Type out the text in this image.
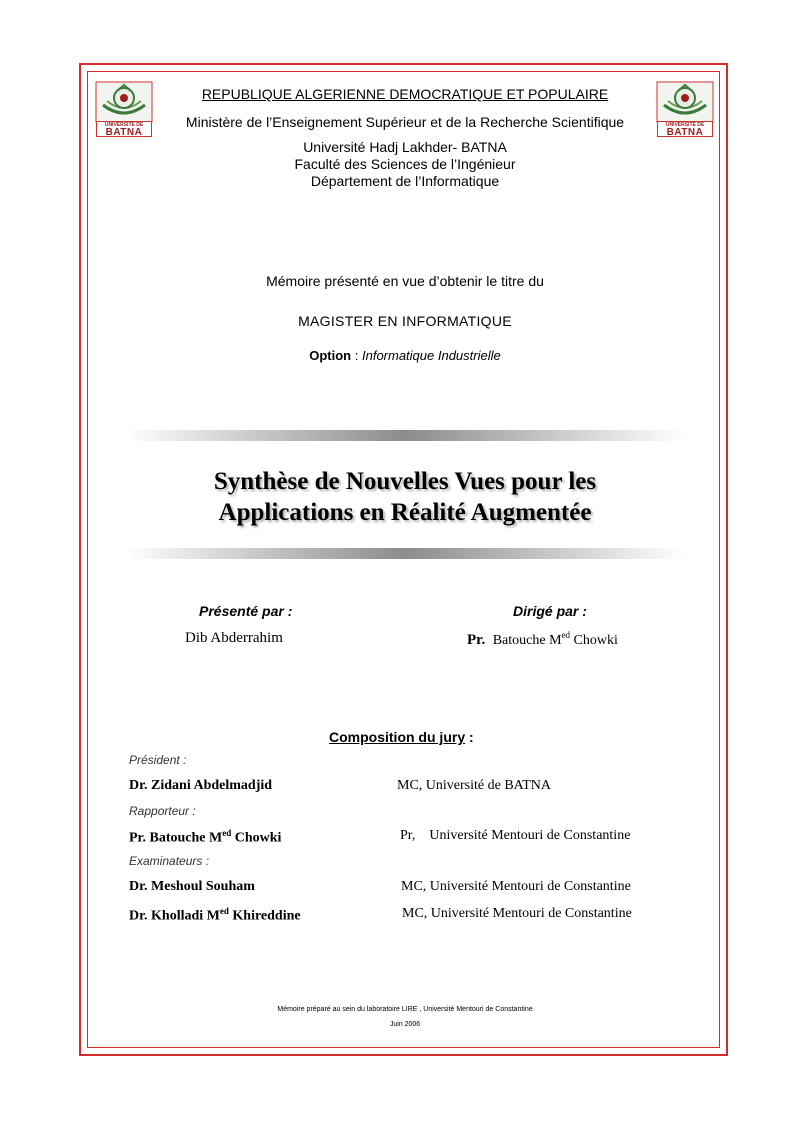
UNIVERSITÉ DE
BATNA
UNIVERSITÉ DE
BATNA
REPUBLIQUE ALGERIENNE DEMOCRATIQUE ET POPULAIRE
Ministère de l’Enseignement Supérieur et de la Recherche Scientifique
Université Hadj Lakhder- BATNA
Faculté des Sciences de l’Ingénieur
Département de l’Informatique
Mémoire présenté en vue d’obtenir le titre du
MAGISTER EN INFORMATIQUE
Option : Informatique Industrielle
Synthèse de Nouvelles Vues pour les
Applications en Réalité Augmentée
Présenté par :
Dib Abderrahim
Dirigé par :
Pr. Batouche $M^{ed}$ Chowki
Composition du jury :
Président :
Dr. Zidani Abdelmadjid	MC, Université de BATNA
Rapporteur :
Pr. Batouche $M^{ed}$ Chowki	Pr,    Université Mentouri de Constantine
Examinateurs :
Dr. Meshoul Souham	MC, Université Mentouri de Constantine
Dr. Kholladi $M^{ed}$ Khireddine	MC, Université Mentouri de Constantine
Mémoire préparé au sein du laboratoire LIRE , Université Mentouri de Constantine
Juin 2006
